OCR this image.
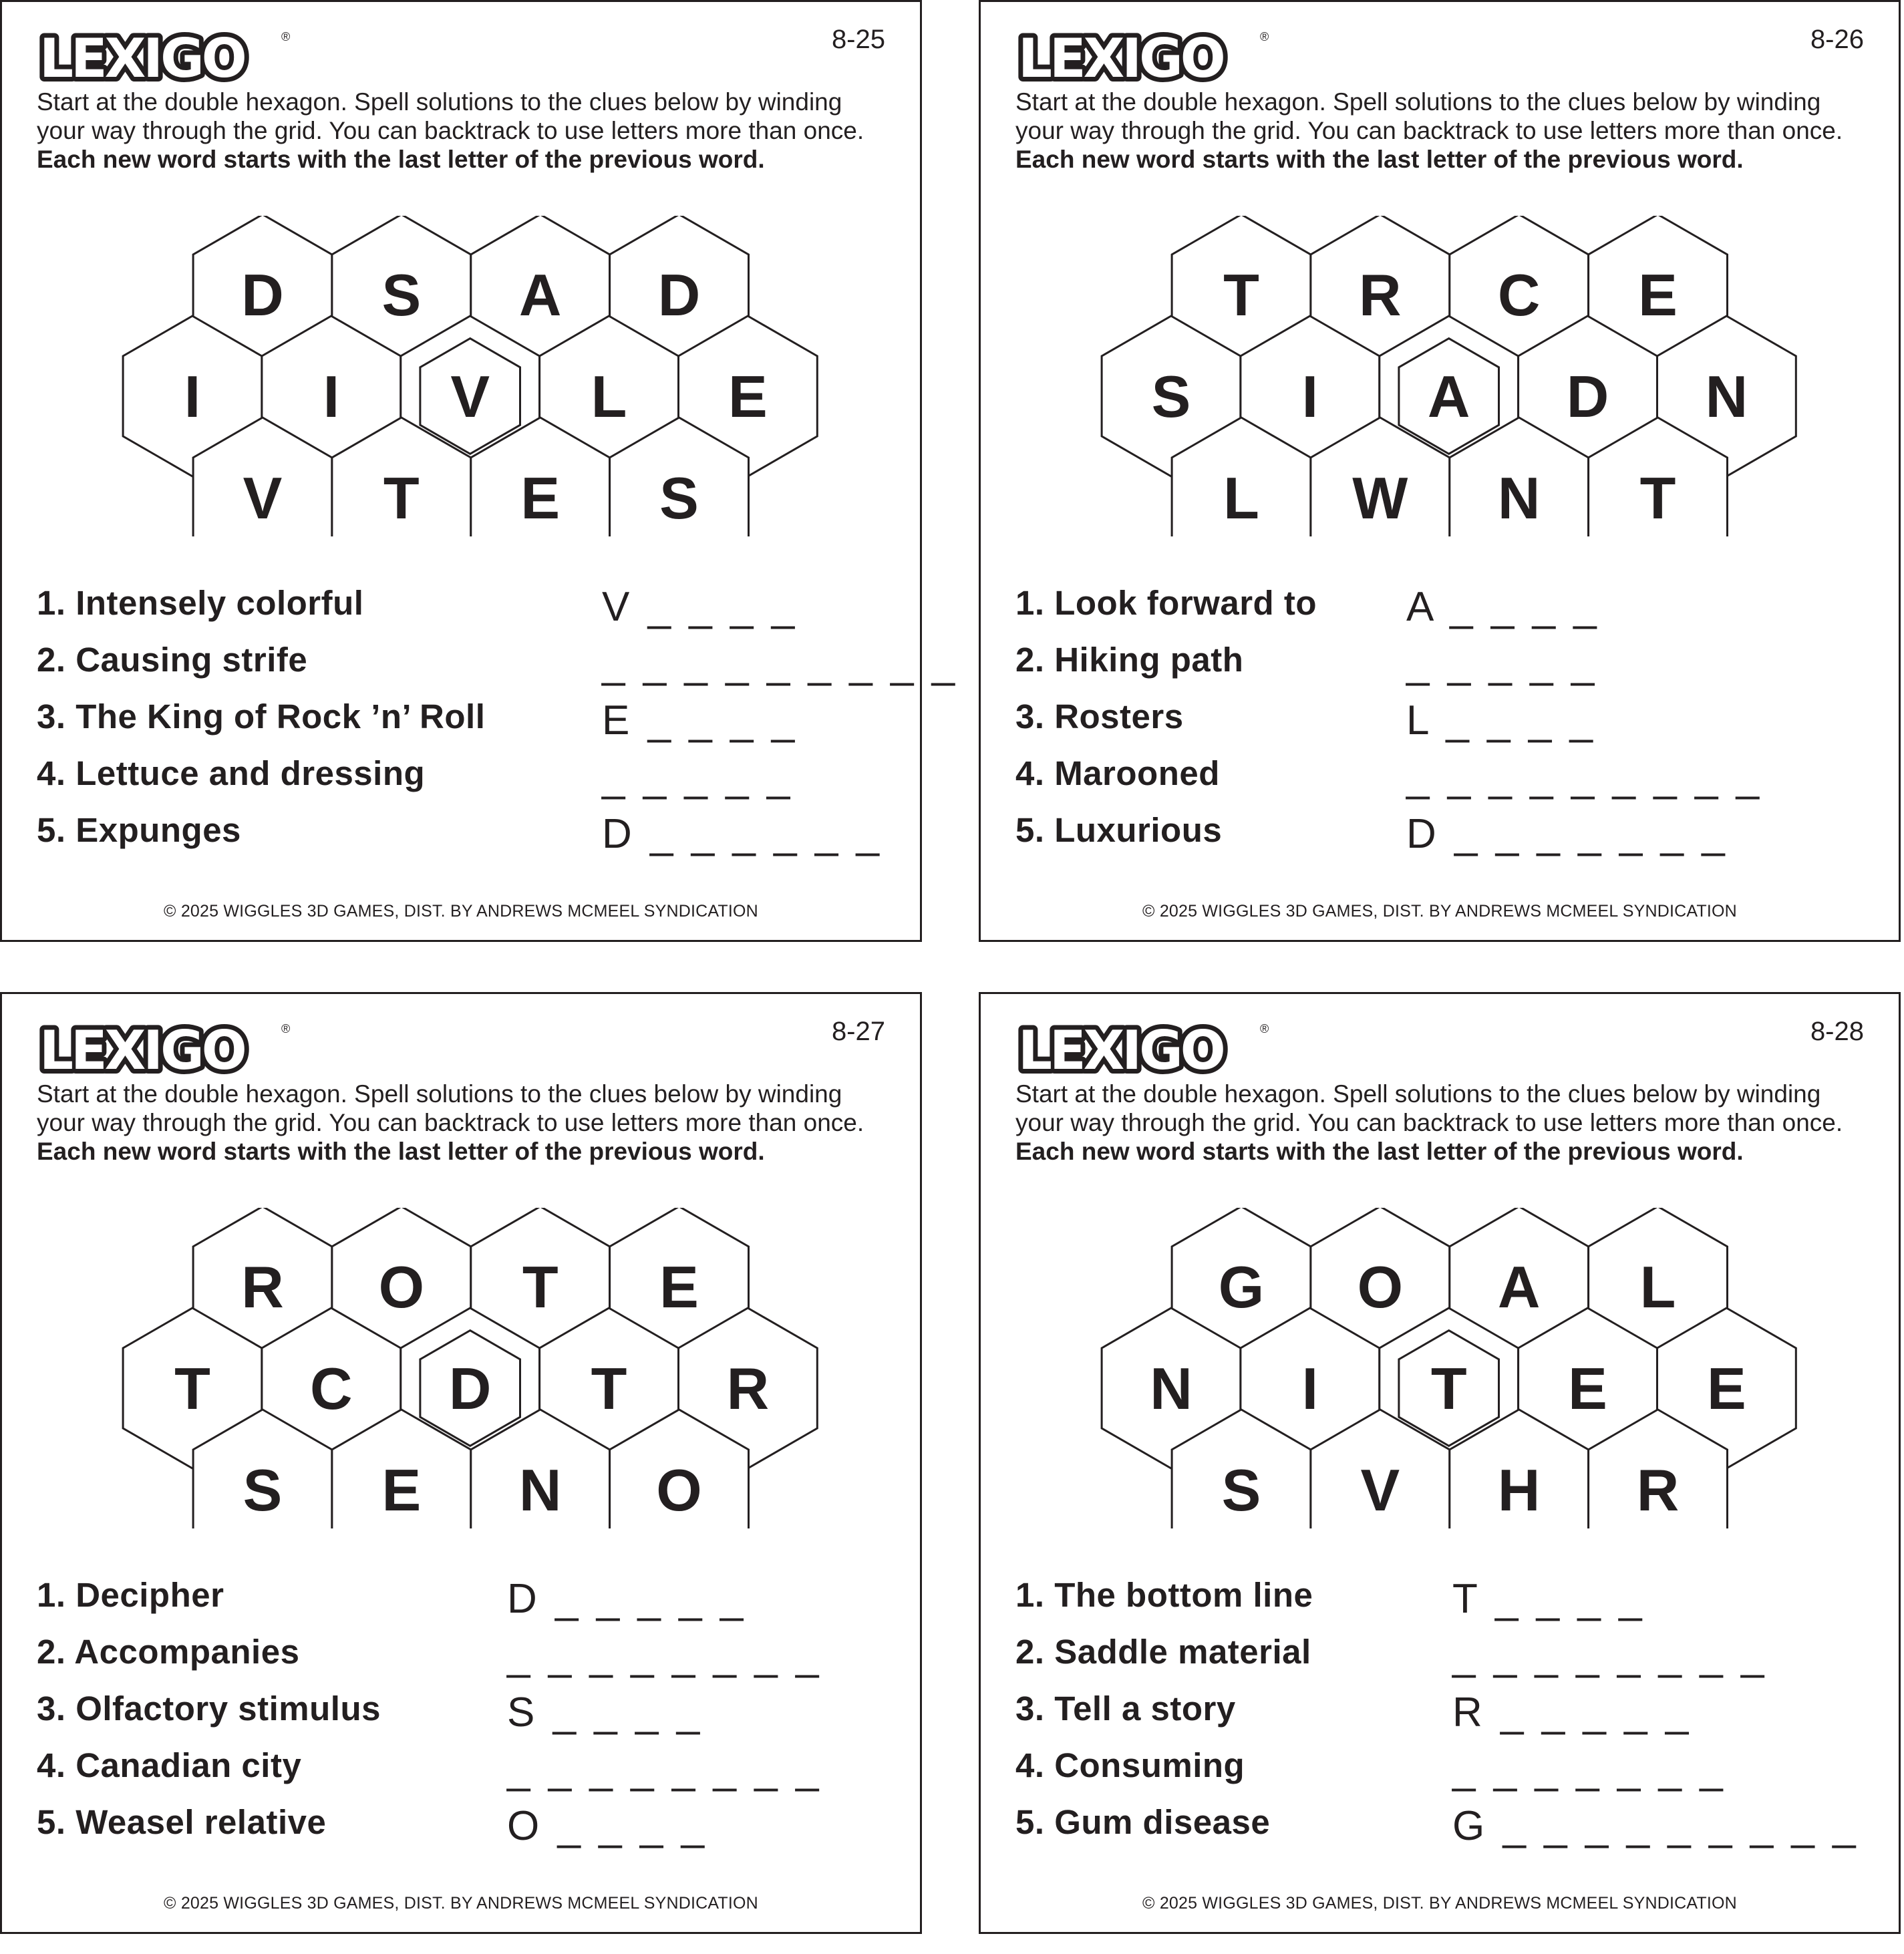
LEXIGO	®	8-25
Start at the double hexagon. Spell solutions to the clues below by winding your way through the grid. You can backtrack to use letters more than once. Each new word starts with the last letter of the previous word.
D S A D
I I V L E
V T E S
1. Intensely colorful	V _ _ _ _
2. Causing strife	_ _ _ _ _ _ _ _ _
3. The King of Rock ’n’ Roll	E _ _ _ _
4. Lettuce and dressing	_ _ _ _ _
5. Expunges	D _ _ _ _ _ _
© 2025 WIGGLES 3D GAMES, DIST. BY ANDREWS MCMEEL SYNDICATION
LEXIGO	®	8-26
Start at the double hexagon. Spell solutions to the clues below by winding your way through the grid. You can backtrack to use letters more than once. Each new word starts with the last letter of the previous word.
T R C E
S I A D N
L W N T
1. Look forward to A _ _ _ _
2. Hiking path	_ _ _ _ _
3. Rosters	L _ _ _ _
4. Marooned	_ _ _ _ _ _ _ _ _
5. Luxurious	D _ _ _ _ _ _ _
© 2025 WIGGLES 3D GAMES, DIST. BY ANDREWS MCMEEL SYNDICATION
LEXIGO	®	8-27
Start at the double hexagon. Spell solutions to the clues below by winding your way through the grid. You can backtrack to use letters more than once. Each new word starts with the last letter of the previous word.
R O T E
T C D T R
S E N O
1. Decipher	D _ _ _ _ _
2. Accompanies	_ _ _ _ _ _ _ _
3. Olfactory stimulus	S _ _ _ _
4. Canadian city	_ _ _ _ _ _ _ _
5. Weasel relative	O _ _ _ _
© 2025 WIGGLES 3D GAMES, DIST. BY ANDREWS MCMEEL SYNDICATION
LEXIGO	®	8-28
Start at the double hexagon. Spell solutions to the clues below by winding your way through the grid. You can backtrack to use letters more than once. Each new word starts with the last letter of the previous word.
G O A L
N I T E E
S V H R
1. The bottom line	T _ _ _ _
2. Saddle material	_ _ _ _ _ _ _ _
3. Tell a story	R _ _ _ _ _
4. Consuming	_ _ _ _ _ _ _
5. Gum disease	G _ _ _ _ _ _ _ _ _
© 2025 WIGGLES 3D GAMES, DIST. BY ANDREWS MCMEEL SYNDICATION
